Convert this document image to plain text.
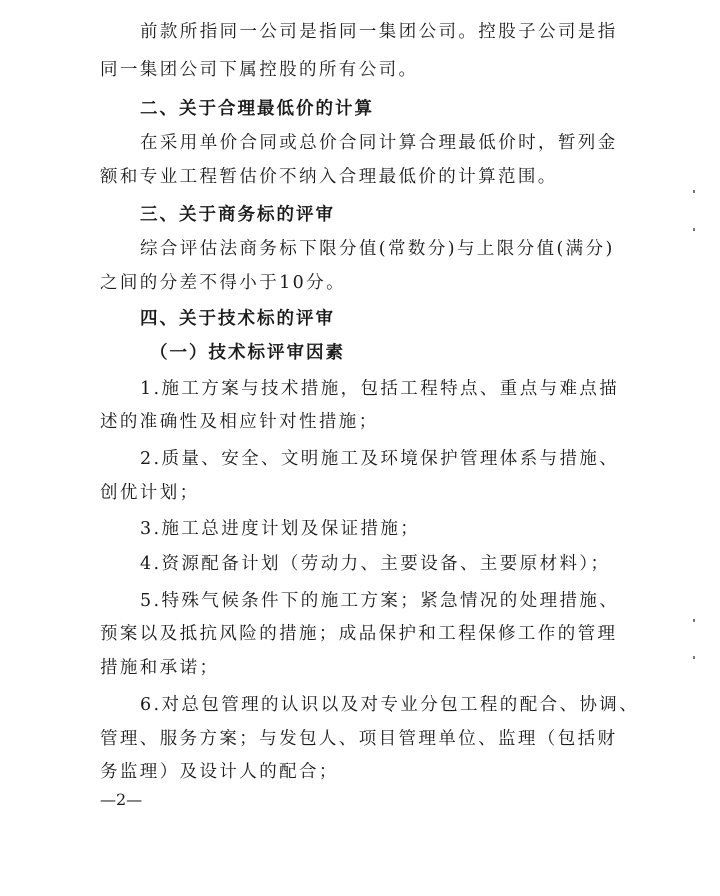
前款所指同一公司是指同一集团公司。控股子公司是指
同一集团公司下属控股的所有公司。
二、关于合理最低价的计算
在采用单价合同或总价合同计算合理最低价时，暂列金
额和专业工程暂估价不纳入合理最低价的计算范围。
三、关于商务标的评审
综合评估法商务标下限分值(常数分)与上限分值(满分)
之间的分差不得小于10分。
四、关于技术标的评审
（一）技术标评审因素
1.施工方案与技术措施，包括工程特点、重点与难点描
述的准确性及相应针对性措施；
2.质量、安全、文明施工及环境保护管理体系与措施、
创优计划；
3.施工总进度计划及保证措施；
4.资源配备计划（劳动力、主要设备、主要原材料）；
5.特殊气候条件下的施工方案；紧急情况的处理措施、
预案以及抵抗风险的措施；成品保护和工程保修工作的管理
措施和承诺；
6.对总包管理的认识以及对专业分包工程的配合、协调、
管理、服务方案；与发包人、项目管理单位、监理（包括财
务监理）及设计人的配合；
—2—
